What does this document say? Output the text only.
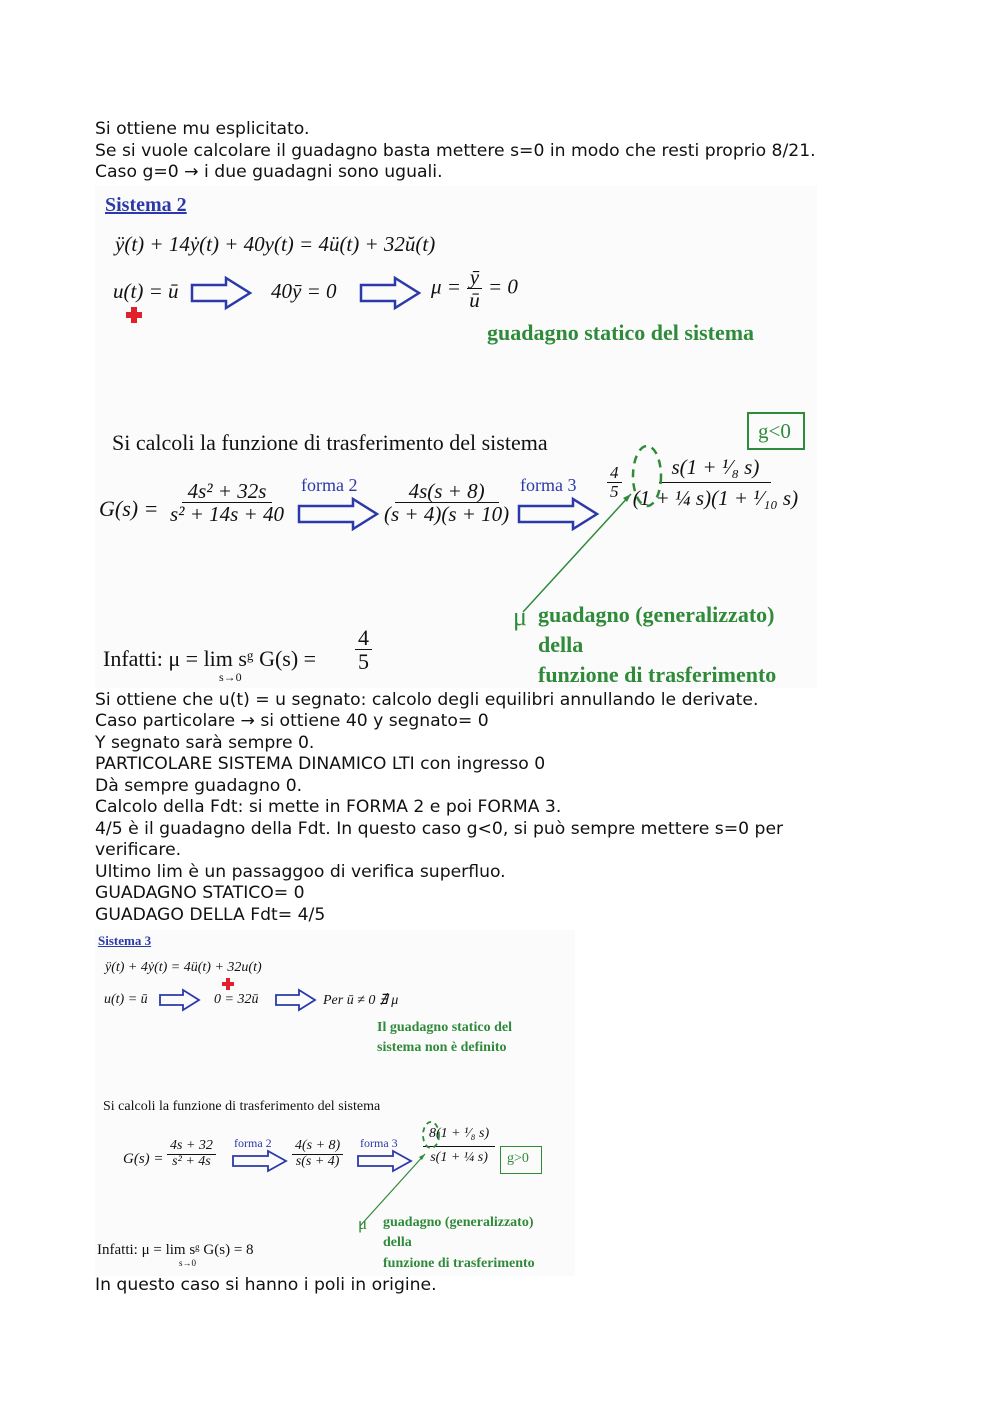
Si ottiene mu esplicitato.
Se si vuole calcolare il guadagno basta mettere s=0 in modo che resti proprio 8/21.
Caso g=0 → i due guadagni sono uguali.
Sistema 2
ÿ(t) + 14ẏ(t) + 40y(t) = 4ü(t) + 32ŭ(t)
u(t) = ū	40ȳ = 0	$\mu = \frac{ȳ}{ū} = 0$
guadagno statico del sistema
Si calcoli la funzione di trasferimento del sistema	g<0
$G(s) = \frac{\text{4s² + 32s}}{\text{s² + 14s + 40}}$ forma $2 \frac{4s(s + 8)}{(s + 4)(s + 10)}$ forma $3 \frac{4}{5}$
$\frac{\text{s(1 + ¹⁄₈ s)}}{\text{(1 + ¼ s)(1 + ¹⁄₁₀ s)}}$
μ guadagno (generalizzato)
della
funzione di trasferimento
Infatti: μ = lim sᵍ G(s) =
s→0
$\frac{4}{5}$
Si ottiene che u(t) = u segnato: calcolo degli equilibri annullando le derivate.
Caso particolare → si ottiene 40 y segnato= 0
Y segnato sarà sempre 0.
PARTICOLARE SISTEMA DINAMICO LTI con ingresso 0
Dà sempre guadagno 0.
Calcolo della Fdt: si mette in FORMA 2 e poi FORMA 3.
4/5 è il guadagno della Fdt. In questo caso g<0, si può sempre mettere s=0 per
verificare.
Ultimo lim è un passaggoo di verifica superfluo.
GUADAGNO STATICO= 0
GUADAGO DELLA Fdt= 4/5
Sistema 3
ÿ(t) + 4ẏ(t) = 4ü(t) + 32u(t)
u(t) = ū	0 = 32ū	Per ū ≠ 0 ∄ μ
Il guadagno statico del
sistema non è definito
Si calcoli la funzione di trasferimento del sistema
$G(s) = \frac{4s + 32}{\text{s² + 4s}}$ forma $2 \frac{4(s + 8)}{s(s + 4)}$ forma $3 \frac{\text{8(1 + ¹⁄₈ s)}}{\text{s(1 + ¼ s)}} g>0$
μ guadagno (generalizzato)
della
funzione di trasferimento
Infatti: μ = lim sᵍ G(s) = 8
s→0
In questo caso si hanno i poli in origine.
